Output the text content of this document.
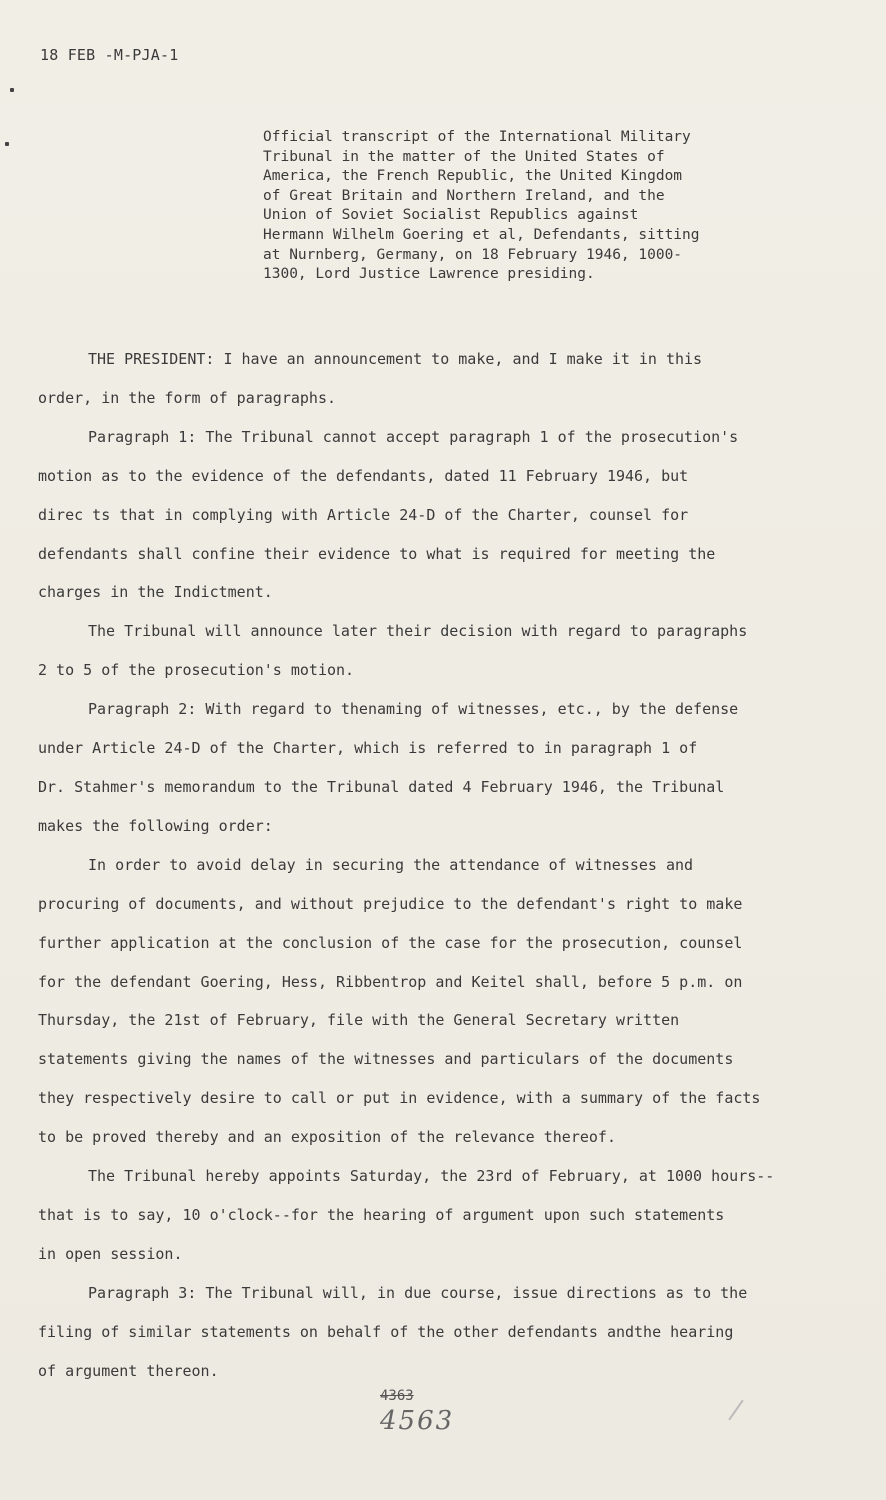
18 FEB -M-PJA-1
Official transcript of the International Military
Tribunal in the matter of the United States of
America, the French Republic, the United Kingdom
of Great Britain and Northern Ireland, and the
Union of Soviet Socialist Republics against
Hermann Wilhelm Goering et al, Defendants, sitting
at Nurnberg, Germany, on 18 February 1946, 1000-
1300, Lord Justice Lawrence presiding.
THE PRESIDENT: I have an announcement to make, and I make it in this
order, in the form of paragraphs.
Paragraph 1: The Tribunal cannot accept paragraph 1 of the prosecution's
motion as to the evidence of the defendants, dated 11 February 1946, but
direc ts that in complying with Article 24-D of the Charter, counsel for
defendants shall confine their evidence to what is required for meeting the
charges in the Indictment.
The Tribunal will announce later their decision with regard to paragraphs
2 to 5 of the prosecution's motion.
Paragraph 2: With regard to thenaming of witnesses, etc., by the defense
under Article 24-D of the Charter, which is referred to in paragraph 1 of
Dr. Stahmer's memorandum to the Tribunal dated 4 February 1946, the Tribunal
makes the following order:
In order to avoid delay in securing the attendance of witnesses and
procuring of documents, and without prejudice to the defendant's right to make
further application at the conclusion of the case for the prosecution, counsel
for the defendant Goering, Hess, Ribbentrop and Keitel shall, before 5 p.m. on
Thursday, the 21st of February, file with the General Secretary written
statements giving the names of the witnesses and particulars of the documents
they respectively desire to call or put in evidence, with a summary of the facts
to be proved thereby and an exposition of the relevance thereof.
The Tribunal hereby appoints Saturday, the 23rd of February, at 1000 hours--
that is to say, 10 o'clock--for the hearing of argument upon such statements
in open session.
Paragraph 3: The Tribunal will, in due course, issue directions as to the
filing of similar statements on behalf of the other defendants andthe hearing
of argument thereon.
4363
4563
